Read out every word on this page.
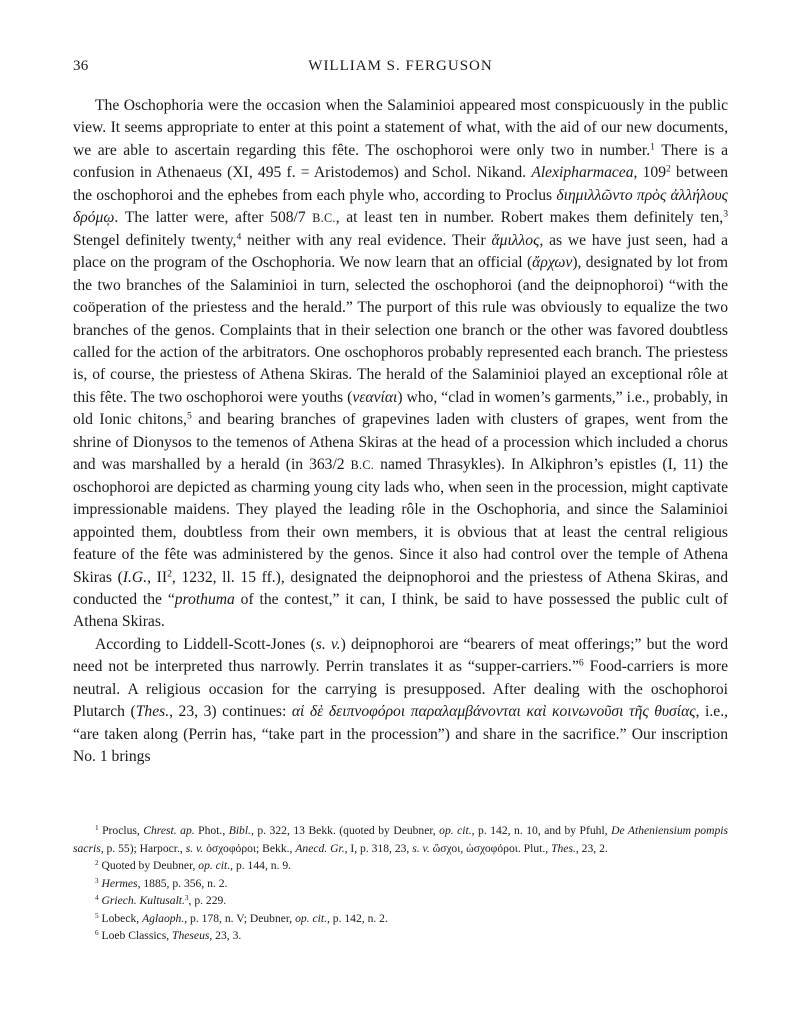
36	WILLIAM S. FERGUSON

The Oschophoria were the occasion when the Salaminioi appeared most conspicuously in the public view. It seems appropriate to enter at this point a statement of what, with the aid of our new documents, we are able to ascertain regarding this fête. The oschophoroi were only two in number.$^1$ There is a confusion in Athenaeus (XI, 495 f. = Aristodemos) and Schol. Nikand. Alexipharmacea, $109^2$ between the oschophoroi and the ephebes from each phyle who, according to Proclus διημιλλῶντο πρὸς ἀλλήλους δρόμῳ. The latter were, after 508/7 B.C., at least ten in number. Robert makes them definitely ten,$^3$ Stengel definitely twenty,$^4$ neither with any real evidence. Their ἅμιλλος, as we have just seen, had a place on the program of the Oschophoria. We now learn that an official (ἄρχων), designated by lot from the two branches of the Salaminioi in turn, selected the oschophoroi (and the deipnophoroi) “with the coöperation of the priestess and the herald.” The purport of this rule was obviously to equalize the two branches of the genos. Complaints that in their selection one branch or the other was favored doubtless called for the action of the arbitrators. One oschophoros probably represented each branch. The priestess is, of course, the priestess of Athena Skiras. The herald of the Salaminioi played an exceptional rôle at this fête. The two oschophoroi were youths (νεανίαι) who, “clad in women’s garments,” i.e., probably, in old Ionic chitons,$^5$ and bearing branches of grapevines laden with clusters of grapes, went from the shrine of Dionysos to the temenos of Athena Skiras at the head of a procession which included a chorus and was marshalled by a herald (in 363/2 B.C. named Thrasykles). In Alkiphron’s epistles (I, 11) the oschophoroi are depicted as charming young city lads who, when seen in the procession, might captivate impressionable maidens. They played the leading rôle in the Oschophoria, and since the Salaminioi appointed them, doubtless from their own members, it is obvious that at least the central religious feature of the fête was administered by the genos. Since it also had control over the temple of Athena Skiras (I.G., $II^2$, 1232, ll. 15 ff.), designated the deipnophoroi and the priestess of Athena Skiras, and conducted the “prothuma of the contest,” it can, I think, be said to have possessed the public cult of Athena Skiras.

According to Liddell-Scott-Jones (s. v.) deipnophoroi are “bearers of meat offerings;” but the word need not be interpreted thus narrowly. Perrin translates it as “supper-carriers.”$^6$ Food-carriers is more neutral. A religious occasion for the carrying is presupposed. After dealing with the oschophoroi Plutarch (Thes., 23, 3) continues: αἱ δὲ δειπνοφόροι παραλαμβάνονται καὶ κοινωνοῦσι τῆς θυσίας, i.e., “are taken along (Perrin has, “take part in the procession”) and share in the sacrifice.” Our inscription No. 1 brings

$^1$ Proclus, Chrest. ap. Phot., Bibl., p. 322, 13 Bekk. (quoted by Deubner, op. cit., p. 142, n. 10, and by Pfuhl, De Atheniensium pompis sacris, p. 55); Harpocr., s. v. ὀσχοφόροι; Bekk., Anecd. Gr., I, p. 318, 23, s. v. ὤσχοι, ὠσχοφόροι. Plut., Thes., 23, 2.

$^2$ Quoted by Deubner, op. cit., p. 144, n. 9.

$^3$ Hermes, 1885, p. 356, n. 2.

$^4$ Griech. Kultusalt.$^3$, p. 229.

$^5$ Lobeck, Aglaoph., p. 178, n. V; Deubner, op. cit., p. 142, n. 2.

$^6$ Loeb Classics, Theseus, 23, 3.
